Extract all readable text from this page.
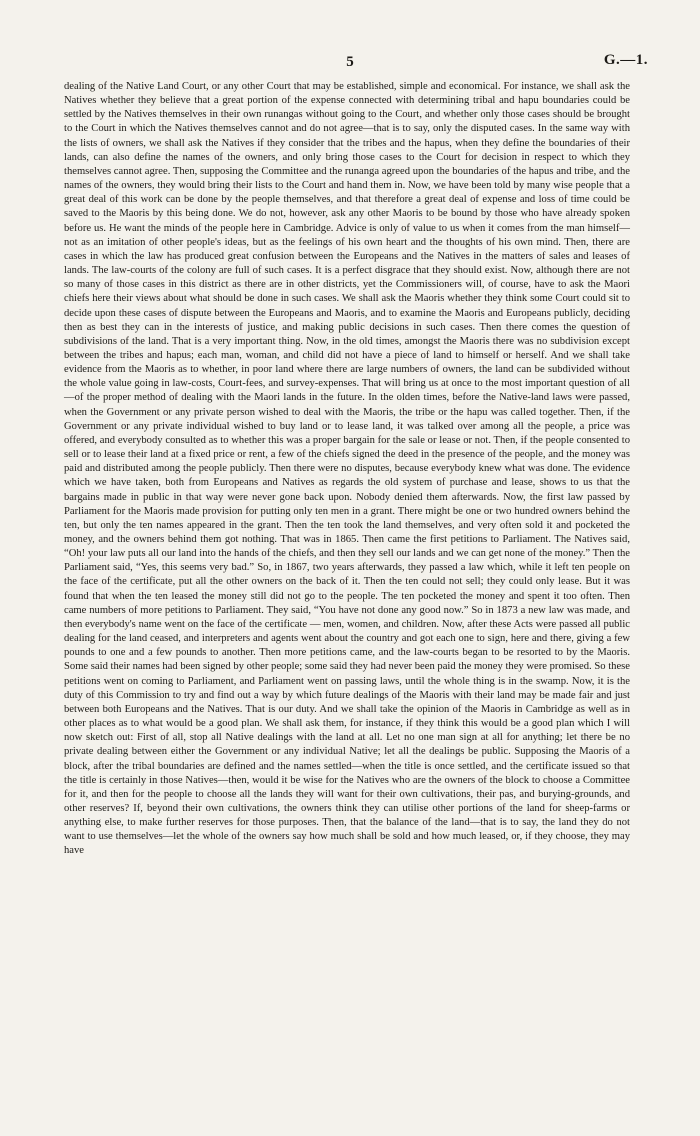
5	G.—1.

dealing of the Native Land Court, or any other Court that may be established, simple and economical. For instance, we shall ask the Natives whether they believe that a great portion of the expense connected with determining tribal and hapu boundaries could be settled by the Natives themselves in their own runangas without going to the Court, and whether only those cases should be brought to the Court in which the Natives themselves cannot and do not agree—that is to say, only the disputed cases. In the same way with the lists of owners, we shall ask the Natives if they consider that the tribes and the hapus, when they define the boundaries of their lands, can also define the names of the owners, and only bring those cases to the Court for decision in respect to which they themselves cannot agree. Then, supposing the Committee and the runanga agreed upon the boundaries of the hapus and tribe, and the names of the owners, they would bring their lists to the Court and hand them in. Now, we have been told by many wise people that a great deal of this work can be done by the people themselves, and that therefore a great deal of expense and loss of time could be saved to the Maoris by this being done. We do not, however, ask any other Maoris to be bound by those who have already spoken before us. He want the minds of the people here in Cambridge. Advice is only of value to us when it comes from the man himself—not as an imitation of other people's ideas, but as the feelings of his own heart and the thoughts of his own mind. Then, there are cases in which the law has produced great confusion between the Europeans and the Natives in the matters of sales and leases of lands. The law-courts of the colony are full of such cases. It is a perfect disgrace that they should exist. Now, although there are not so many of those cases in this district as there are in other districts, yet the Commissioners will, of course, have to ask the Maori chiefs here their views about what should be done in such cases. We shall ask the Maoris whether they think some Court could sit to decide upon these cases of dispute between the Europeans and Maoris, and to examine the Maoris and Europeans publicly, deciding then as best they can in the interests of justice, and making public decisions in such cases. Then there comes the question of subdivisions of the land. That is a very important thing. Now, in the old times, amongst the Maoris there was no subdivision except between the tribes and hapus; each man, woman, and child did not have a piece of land to himself or herself. And we shall take evidence from the Maoris as to whether, in poor land where there are large numbers of owners, the land can be subdivided without the whole value going in law-costs, Court-fees, and survey-expenses. That will bring us at once to the most important question of all—of the proper method of dealing with the Maori lands in the future. In the olden times, before the Native-land laws were passed, when the Government or any private person wished to deal with the Maoris, the tribe or the hapu was called together. Then, if the Government or any private individual wished to buy land or to lease land, it was talked over among all the people, a price was offered, and everybody consulted as to whether this was a proper bargain for the sale or lease or not. Then, if the people consented to sell or to lease their land at a fixed price or rent, a few of the chiefs signed the deed in the presence of the people, and the money was paid and distributed among the people publicly. Then there were no disputes, because everybody knew what was done. The evidence which we have taken, both from Europeans and Natives as regards the old system of purchase and lease, shows to us that the bargains made in public in that way were never gone back upon. Nobody denied them afterwards. Now, the first law passed by Parliament for the Maoris made provision for putting only ten men in a grant. There might be one or two hundred owners behind the ten, but only the ten names appeared in the grant. Then the ten took the land themselves, and very often sold it and pocketed the money, and the owners behind them got nothing. That was in 1865. Then came the first petitions to Parliament. The Natives said, “Oh! your law puts all our land into the hands of the chiefs, and then they sell our lands and we can get none of the money.” Then the Parliament said, “Yes, this seems very bad.” So, in 1867, two years afterwards, they passed a law which, while it left ten people on the face of the certificate, put all the other owners on the back of it. Then the ten could not sell; they could only lease. But it was found that when the ten leased the money still did not go to the people. The ten pocketed the money and spent it too often. Then came numbers of more petitions to Parliament. They said, “You have not done any good now.” So in 1873 a new law was made, and then everybody's name went on the face of the certificate — men, women, and children. Now, after these Acts were passed all public dealing for the land ceased, and interpreters and agents went about the country and got each one to sign, here and there, giving a few pounds to one and a few pounds to another. Then more petitions came, and the law-courts began to be resorted to by the Maoris. Some said their names had been signed by other people; some said they had never been paid the money they were promised. So these petitions went on coming to Parliament, and Parliament went on passing laws, until the whole thing is in the swamp. Now, it is the duty of this Commission to try and find out a way by which future dealings of the Maoris with their land may be made fair and just between both Europeans and the Natives. That is our duty. And we shall take the opinion of the Maoris in Cambridge as well as in other places as to what would be a good plan. We shall ask them, for instance, if they think this would be a good plan which I will now sketch out: First of all, stop all Native dealings with the land at all. Let no one man sign at all for anything; let there be no private dealing between either the Government or any individual Native; let all the dealings be public. Supposing the Maoris of a block, after the tribal boundaries are defined and the names settled—when the title is once settled, and the certificate issued so that the title is certainly in those Natives—then, would it be wise for the Natives who are the owners of the block to choose a Committee for it, and then for the people to choose all the lands they will want for their own cultivations, their pas, and burying-grounds, and other reserves? If, beyond their own cultivations, the owners think they can utilise other portions of the land for sheep-farms or anything else, to make further reserves for those purposes. Then, that the balance of the land—that is to say, the land they do not want to use themselves—let the whole of the owners say how much shall be sold and how much leased, or, if they choose, they may have
